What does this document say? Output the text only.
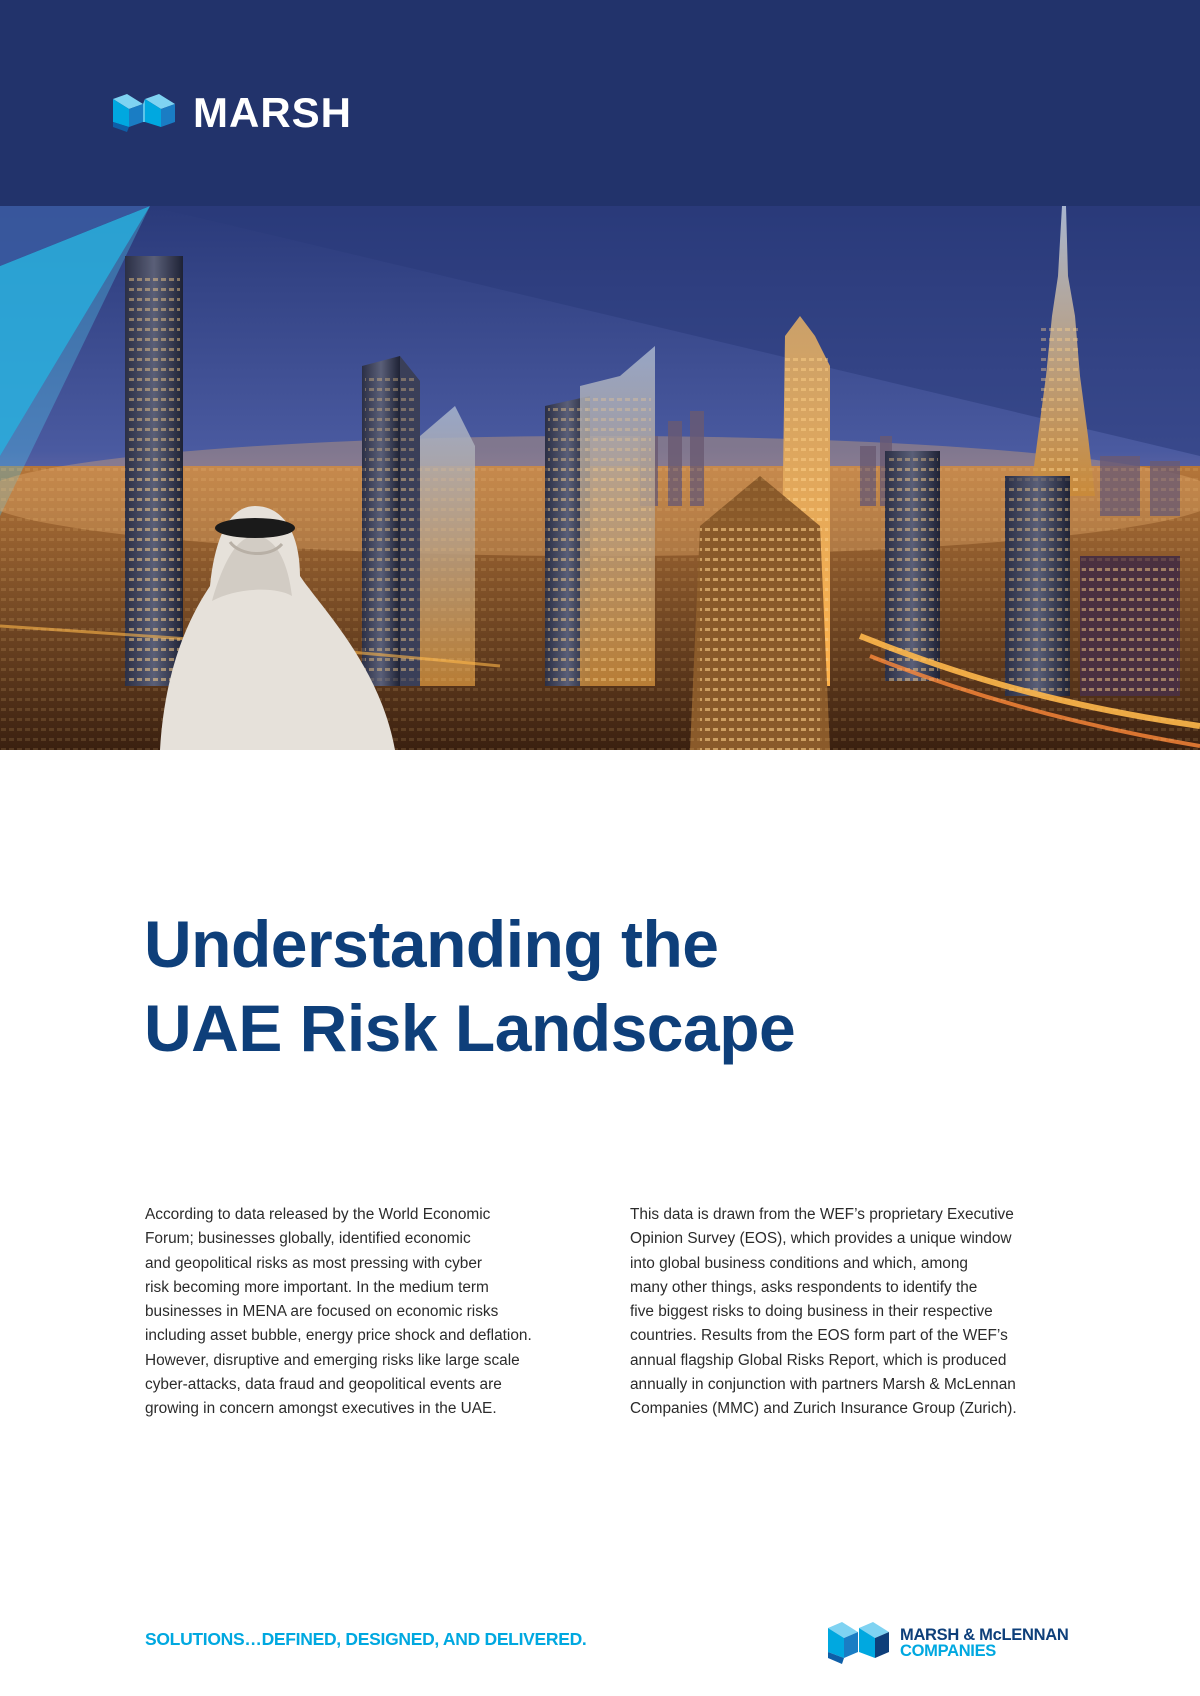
MARSH
Understanding the
UAE Risk Landscape

According to data released by the World Economic

Forum; businesses globally, identified economic

and geopolitical risks as most pressing with cyber

risk becoming more important. In the medium term

businesses in MENA are focused on economic risks

including asset bubble, energy price shock and deflation.

However, disruptive and emerging risks like large scale

cyber-attacks, data fraud and geopolitical events are

growing in concern amongst executives in the UAE.

This data is drawn from the WEF’s proprietary Executive

Opinion Survey (EOS), which provides a unique window

into global business conditions and which, among

many other things, asks respondents to identify the

five biggest risks to doing business in their respective

countries. Results from the EOS form part of the WEF’s

annual flagship Global Risks Report, which is produced

annually in conjunction with partners Marsh & McLennan

Companies (MMC) and Zurich Insurance Group (Zurich).

SOLUTIONS…DEFINED, DESIGNED, AND DELIVERED.	MARSH & McLENNAN
COMPANIES
